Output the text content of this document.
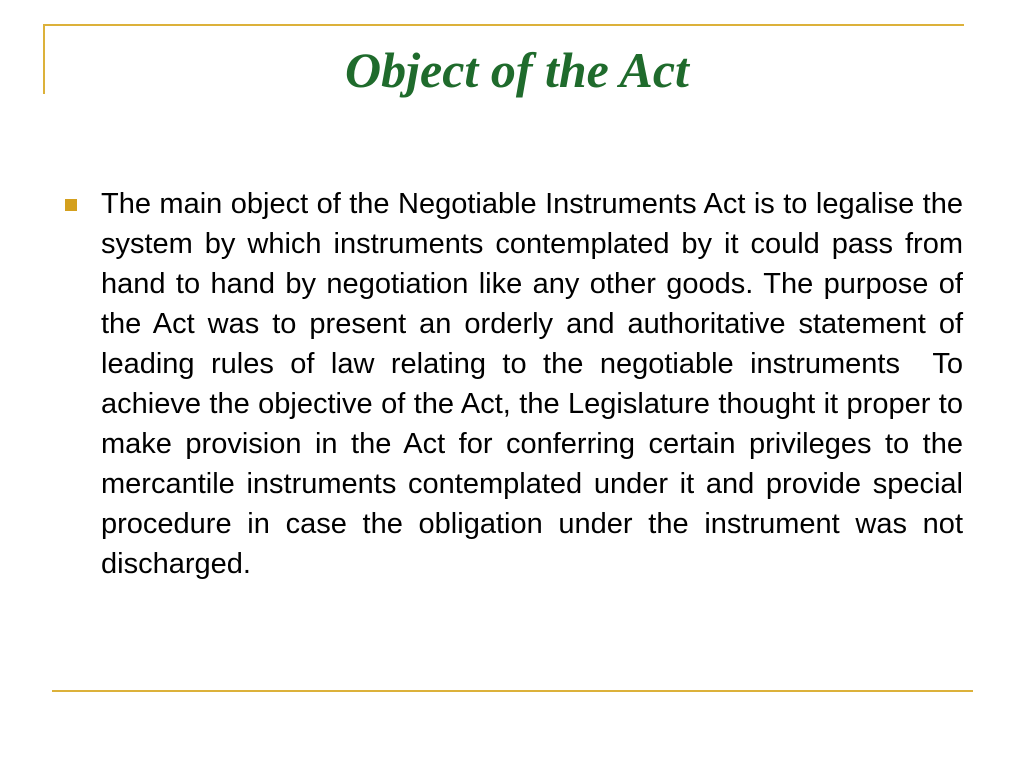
Object of the Act

The main object of the Negotiable Instruments Act is to legalise the system by which instruments contemplated by it could pass from hand to hand by negotiation like any other goods. The purpose of the Act was to present an orderly and authoritative statement of leading rules of law relating to the negotiable instruments  To achieve the objective of the Act, the Legislature thought it proper to make provision in the Act for conferring certain privileges to the mercantile instruments contemplated under it and provide special procedure in case the obligation under the instrument was not discharged.
